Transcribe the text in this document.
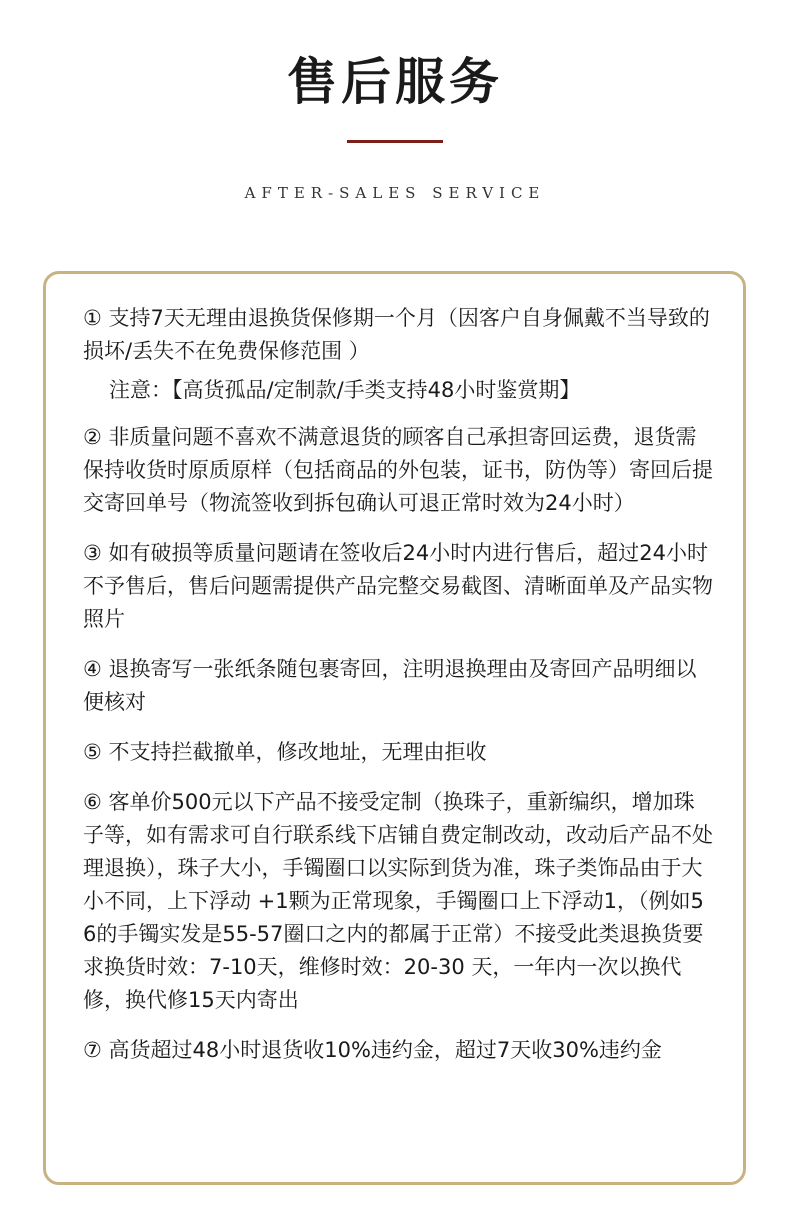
售后服务
AFTER-SALES SERVICE

① 支持7天无理由退换货保修期一个月（因客户自身佩戴不当导致的损坏/丢失不在免费保修范围 ）

注意：【高货孤品/定制款/手类支持48小时鉴赏期】

② 非质量问题不喜欢不满意退货的顾客自己承担寄回运费，退货需保持收货时原质原样（包括商品的外包装，证书，防伪等）寄回后提交寄回单号（物流签收到拆包确认可退正常时效为24小时）

③ 如有破损等质量问题请在签收后24小时内进行售后，超过24小时不予售后，售后问题需提供产品完整交易截图、清晰面单及产品实物照片

④ 退换寄写一张纸条随包裹寄回，注明退换理由及寄回产品明细以便核对

⑤ 不支持拦截撤单，修改地址，无理由拒收

⑥ 客单价500元以下产品不接受定制（换珠子，重新编织，增加珠子等，如有需求可自行联系线下店铺自费定制改动，改动后产品不处理退换），珠子大小，手镯圈口以实际到货为准，珠子类饰品由于大小不同，上下浮动 +1颗为正常现象，手镯圈口上下浮动1，（例如56的手镯实发是55-57圈口之内的都属于正常）不接受此类退换货要求换货时效：7-10天，维修时效：20-30 天，一年内一次以换代修，换代修15天内寄出

⑦ 高货超过48小时退货收10%违约金，超过7天收30%违约金
